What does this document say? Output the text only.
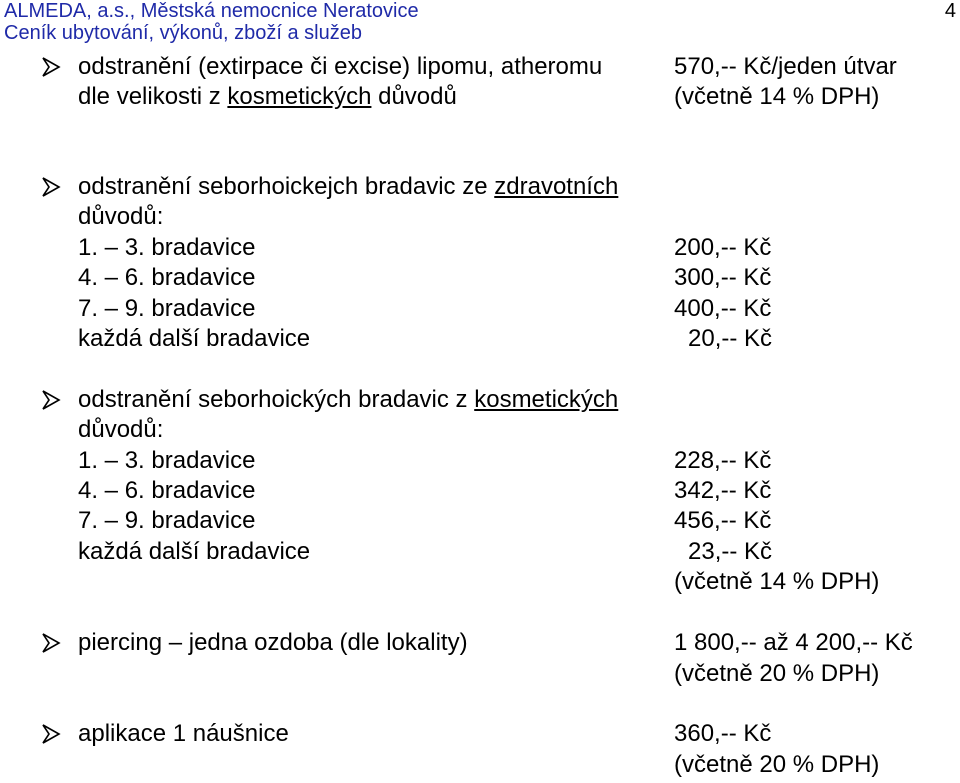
ALMEDA, a.s., Městská nemocnice Neratovice
Ceník ubytování, výkonů, zboží a služeb
4
odstranění (extirpace či excise) lipomu, atheromu
dle velikosti z kosmetických důvodů
570,-- Kč/jeden útvar
(včetně 14 % DPH)
odstranění seborhoickejch bradavic ze zdravotních
důvodů:
1. – 3. bradavice	200,-- Kč
4. – 6. bradavice	300,-- Kč
7. – 9. bradavice	400,-- Kč
každá další bradavice	20,-- Kč
odstranění seborhoických bradavic z kosmetických
důvodů:
1. – 3. bradavice	228,-- Kč
4. – 6. bradavice	342,-- Kč
7. – 9. bradavice	456,-- Kč
každá další bradavice	23,-- Kč
(včetně 14 % DPH)
piercing – jedna ozdoba (dle lokality)	1 800,-- až 4 200,-- Kč
(včetně 20 % DPH)
aplikace 1 náušnice	360,-- Kč
(včetně 20 % DPH)
